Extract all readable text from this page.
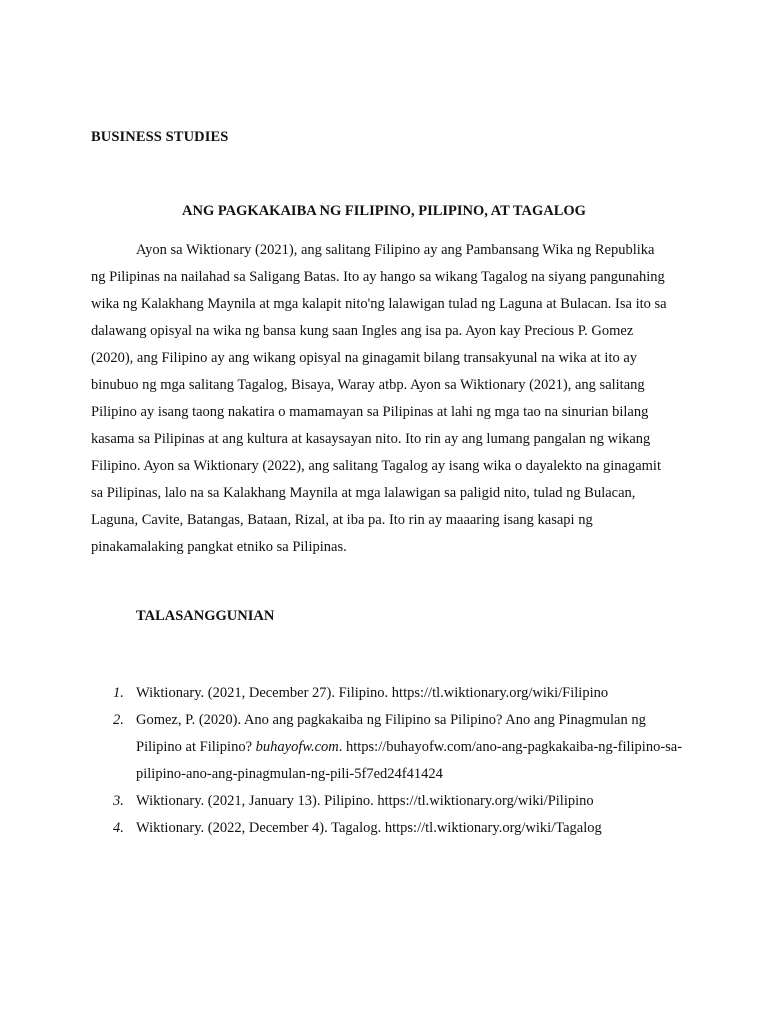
BUSINESS STUDIES
ANG PAGKAKAIBA NG FILIPINO, PILIPINO, AT TAGALOG
Ayon sa Wiktionary (2021), ang salitang Filipino ay ang Pambansang Wika ng Republika ng Pilipinas na nailahad sa Saligang Batas. Ito ay hango sa wikang Tagalog na siyang pangunahing wika ng Kalakhang Maynila at mga kalapit nito'ng lalawigan tulad ng Laguna at Bulacan. Isa ito sa dalawang opisyal na wika ng bansa kung saan Ingles ang isa pa. Ayon kay Precious P. Gomez (2020), ang Filipino ay ang wikang opisyal na ginagamit bilang transakyunal na wika at ito ay binubuo ng mga salitang Tagalog, Bisaya, Waray atbp. Ayon sa Wiktionary (2021), ang salitang Pilipino ay isang taong nakatira o mamamayan sa Pilipinas at lahi ng mga tao na sinurian bilang kasama sa Pilipinas at ang kultura at kasaysayan nito. Ito rin ay ang lumang pangalan ng wikang Filipino. Ayon sa Wiktionary (2022), ang salitang Tagalog ay isang wika o dayalekto na ginagamit sa Pilipinas, lalo na sa Kalakhang Maynila at mga lalawigan sa paligid nito, tulad ng Bulacan, Laguna, Cavite, Batangas, Bataan, Rizal, at iba pa. Ito rin ay maaaring isang kasapi ng pinakamalaking pangkat etniko sa Pilipinas.
TALASANGGUNIAN
1. Wiktionary. (2021, December 27). Filipino. https://tl.wiktionary.org/wiki/Filipino
2. Gomez, P. (2020). Ano ang pagkakaiba ng Filipino sa Pilipino? Ano ang Pinagmulan ng Pilipino at Filipino? buhayofw.com. https://buhayofw.com/ano-ang-pagkakaiba-ng-filipino-sa-pilipino-ano-ang-pinagmulan-ng-pili-5f7ed24f41424
3. Wiktionary. (2021, January 13). Pilipino. https://tl.wiktionary.org/wiki/Pilipino
4. Wiktionary. (2022, December 4). Tagalog. https://tl.wiktionary.org/wiki/Tagalog
